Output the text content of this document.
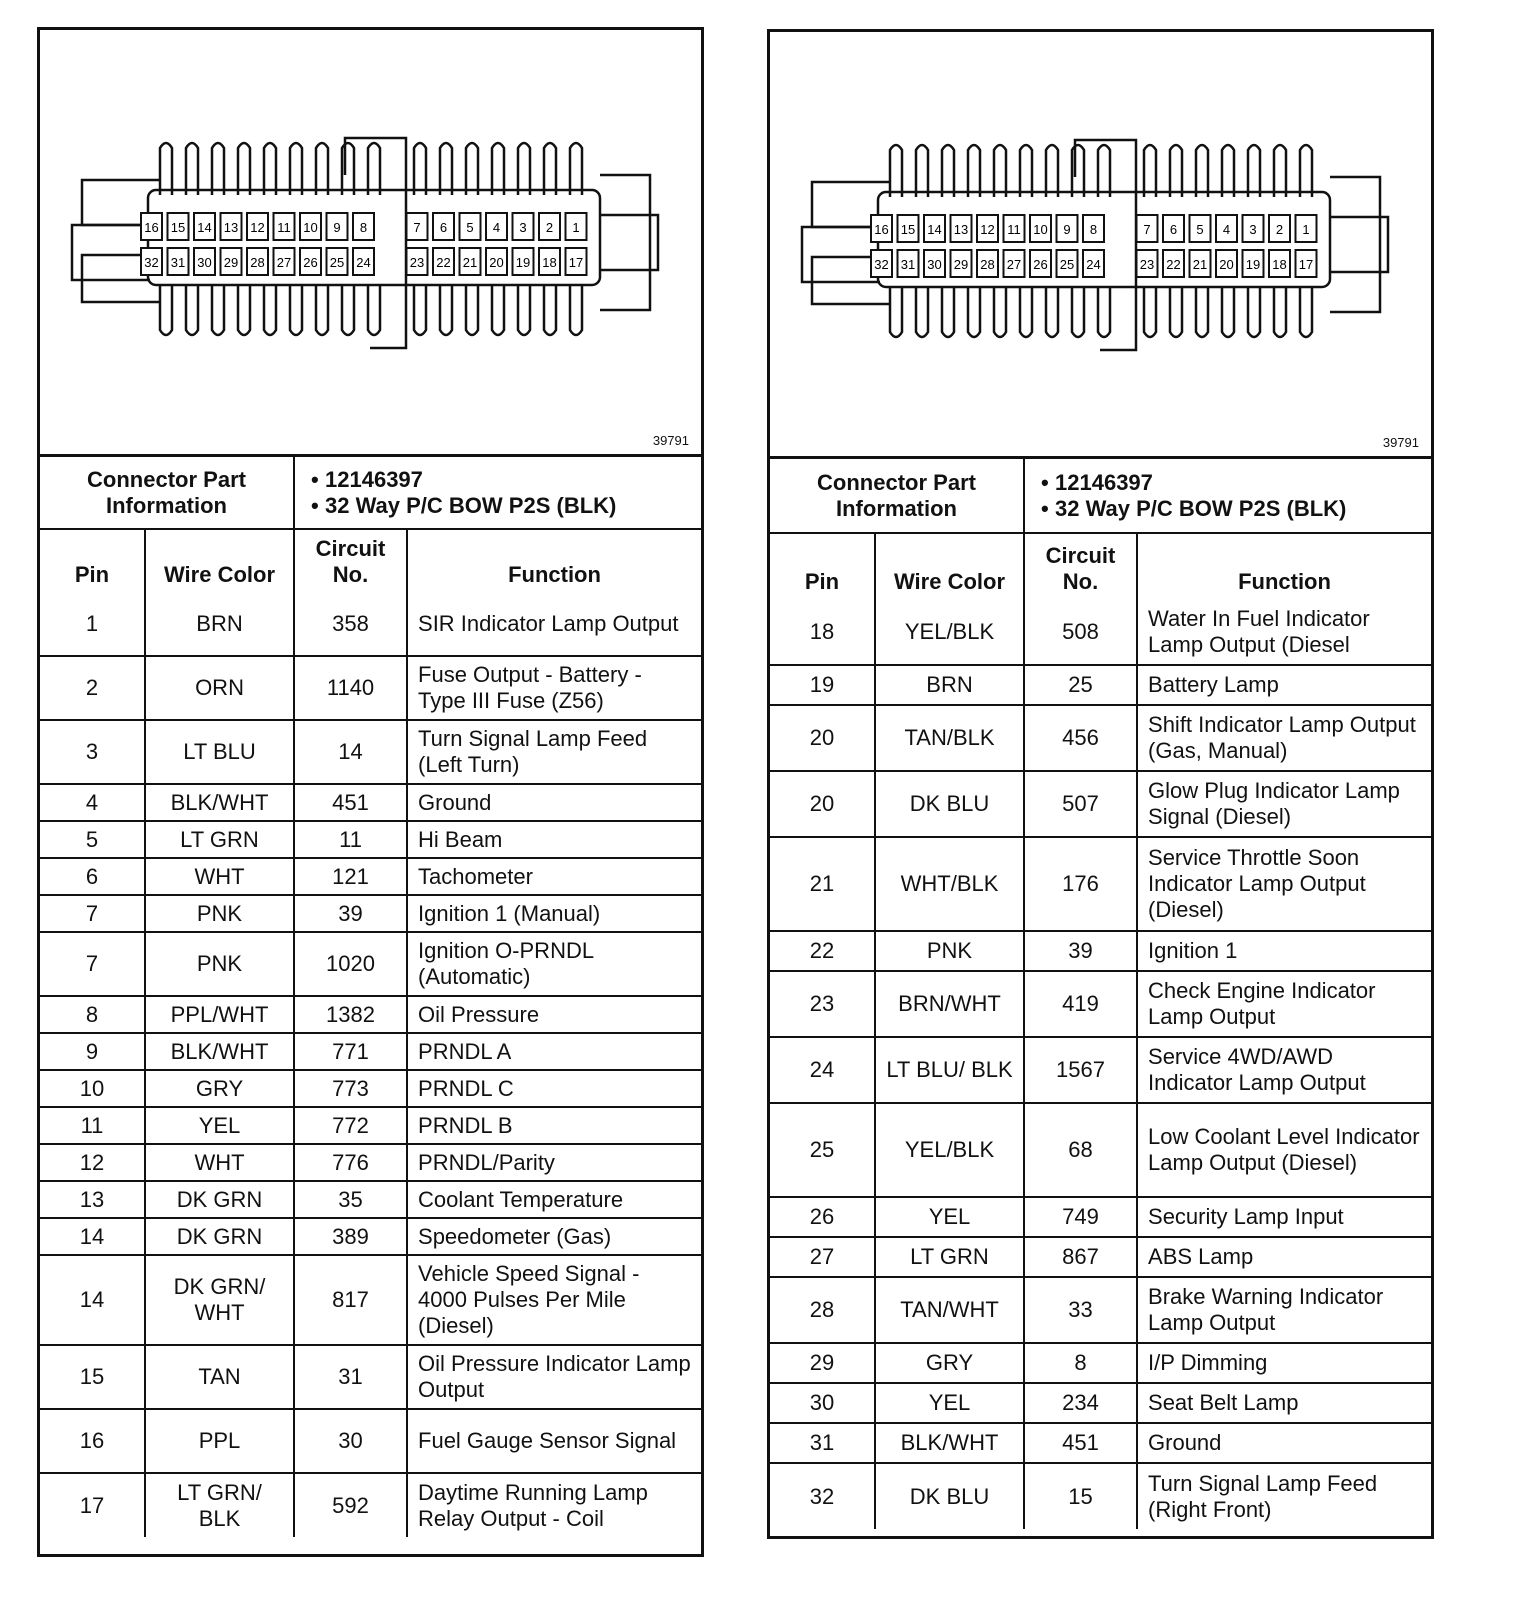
16 15 14 13 12 11 10 9 8	7 6 5 4 3 2 1
32 31 30 29 28 27 26 25 24	23 22 21 20 19 18 17
39791
Connector Part Information		• 12146397
• 32 Way P/C BOW P2S (BLK)

Pin	Wire Color	Circuit No.	Function
1	BRN	358	SIR Indicator Lamp Output
2	ORN	1140	Fuse Output - Battery - Type III Fuse (Z56)
3	LT BLU	14	Turn Signal Lamp Feed (Left Turn)
4	BLK/WHT	451	Ground
5	LT GRN	11	Hi Beam
6	WHT	121	Tachometer
7	PNK	39	Ignition 1 (Manual)
7	PNK	1020	Ignition O-PRNDL (Automatic)
8	PPL/WHT	1382	Oil Pressure
9	BLK/WHT	771	PRNDL A
10	GRY	773	PRNDL C
11	YEL	772	PRNDL B
12	WHT	776	PRNDL/Parity
13	DK GRN	35	Coolant Temperature
14	DK GRN	389	Speedometer (Gas)
14	DK GRN/ WHT	817	Vehicle Speed Signal - 4000 Pulses Per Mile (Diesel)
15	TAN	31	Oil Pressure Indicator Lamp Output
16	PPL	30	Fuel Gauge Sensor Signal
17	LT GRN/ BLK	592	Daytime Running Lamp Relay Output - Coil
16 15 14 13 12 11 10 9 8	7 6 5 4 3 2 1
32 31 30 29 28 27 26 25 24	23 22 21 20 19 18 17
39791
Connector Part Information		• 12146397
• 32 Way P/C BOW P2S (BLK)

Pin	Wire Color	Circuit No.	Function
18	YEL/BLK	508	Water In Fuel Indicator Lamp Output (Diesel
19	BRN	25	Battery Lamp
20	TAN/BLK	456	Shift Indicator Lamp Output (Gas, Manual)
20	DK BLU	507	Glow Plug Indicator Lamp Signal (Diesel)
21	WHT/BLK	176	Service Throttle Soon Indicator Lamp Output (Diesel)
22	PNK	39	Ignition 1
23	BRN/WHT	419	Check Engine Indicator Lamp Output
24	LT BLU/ BLK	1567	Service 4WD/AWD Indicator Lamp Output
25	YEL/BLK	68	Low Coolant Level Indicator Lamp Output (Diesel)
26	YEL	749	Security Lamp Input
27	LT GRN	867	ABS Lamp
28	TAN/WHT	33	Brake Warning Indicator Lamp Output
29	GRY	8	I/P Dimming
30	YEL	234	Seat Belt Lamp
31	BLK/WHT	451	Ground
32	DK BLU	15	Turn Signal Lamp Feed (Right Front)
